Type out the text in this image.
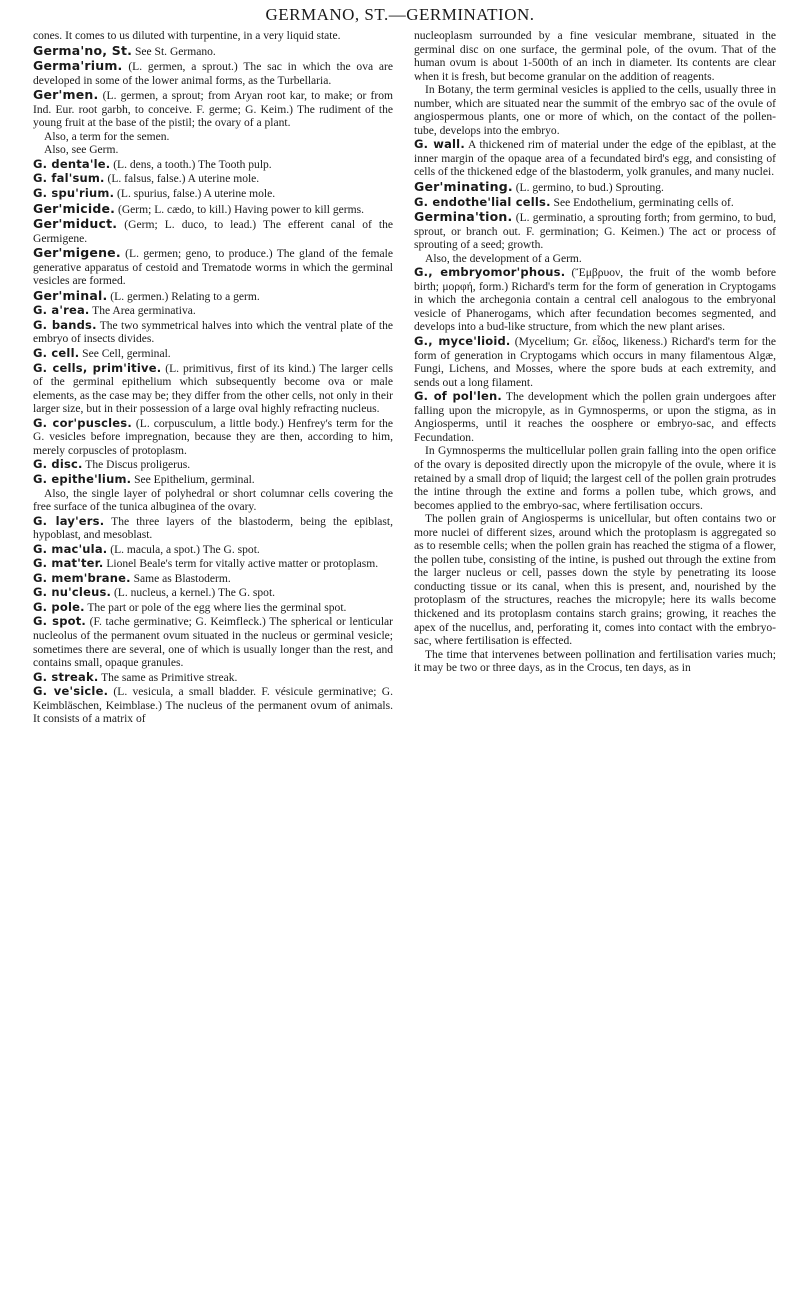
GERMANO, ST.—GERMINATION.

cones. It comes to us diluted with turpentine, in a very liquid state.

Germa'no, St. See St. Germano.

Germa'rium. (L. germen, a sprout.) The sac in which the ova are developed in some of the lower animal forms, as the Turbellaria.

Ger'men. (L. germen, a sprout; from Aryan root kar, to make; or from Ind. Eur. root garbh, to conceive. F. germe; G. Keim.) The rudiment of the young fruit at the base of the pistil; the ovary of a plant.

Also, a term for the semen.

Also, see Germ.

G. denta'le. (L. dens, a tooth.) The Tooth pulp.

G. fal'sum. (L. falsus, false.) A uterine mole.

G. spu'rium. (L. spurius, false.) A uterine mole.

Ger'micide. (Germ; L. cædo, to kill.) Having power to kill germs.

Ger'miduct. (Germ; L. duco, to lead.) The efferent canal of the Germigene.

Ger'migene. (L. germen; geno, to produce.) The gland of the female generative apparatus of cestoid and Trematode worms in which the germinal vesicles are formed.

Ger'minal. (L. germen.) Relating to a germ.

G. a'rea. The Area germinativa.

G. bands. The two symmetrical halves into which the ventral plate of the embryo of insects divides.

G. cell. See Cell, germinal.

G. cells, prim'itive. (L. primitivus, first of its kind.) The larger cells of the germinal epithelium which subsequently become ova or male elements, as the case may be; they differ from the other cells, not only in their larger size, but in their possession of a large oval highly refracting nucleus.

G. cor'puscles. (L. corpusculum, a little body.) Henfrey's term for the G. vesicles before impregnation, because they are then, according to him, merely corpuscles of protoplasm.

G. disc. The Discus proligerus.

G. epithe'lium. See Epithelium, germinal.

Also, the single layer of polyhedral or short columnar cells covering the free surface of the tunica albuginea of the ovary.

G. lay'ers. The three layers of the blastoderm, being the epiblast, hypoblast, and mesoblast.

G. mac'ula. (L. macula, a spot.) The G. spot.

G. mat'ter. Lionel Beale's term for vitally active matter or protoplasm.

G. mem'brane. Same as Blastoderm.

G. nu'cleus. (L. nucleus, a kernel.) The G. spot.

G. pole. The part or pole of the egg where lies the germinal spot.

G. spot. (F. tache germinative; G. Keimfleck.) The spherical or lenticular nucleolus of the permanent ovum situated in the nucleus or germinal vesicle; sometimes there are several, one of which is usually longer than the rest, and contains small, opaque granules.

G. streak. The same as Primitive streak.

G. ve'sicle. (L. vesicula, a small bladder. F. vésicule germinative; G. Keimbläschen, Keimblase.) The nucleus of the permanent ovum of animals. It consists of a matrix of

nucleoplasm surrounded by a fine vesicular membrane, situated in the germinal disc on one surface, the germinal pole, of the ovum. That of the human ovum is about 1-500th of an inch in diameter. Its contents are clear when it is fresh, but become granular on the addition of reagents.

In Botany, the term germinal vesicles is applied to the cells, usually three in number, which are situated near the summit of the embryo sac of the ovule of angiospermous plants, one or more of which, on the contact of the pollen-tube, develops into the embryo.

G. wall. A thickened rim of material under the edge of the epiblast, at the inner margin of the opaque area of a fecundated bird's egg, and consisting of cells of the thickened edge of the blastoderm, yolk granules, and many nuclei.

Ger'minating. (L. germino, to bud.) Sprouting.

G. endothe'lial cells. See Endothelium, germinating cells of.

Germina'tion. (L. germinatio, a sprouting forth; from germino, to bud, sprout, or branch out. F. germination; G. Keimen.) The act or process of sprouting of a seed; growth.

Also, the development of a Germ.

G., embryomor'phous. (Ἔμβρυον, the fruit of the womb before birth; μορφή, form.) Richard's term for the form of generation in Cryptogams in which the archegonia contain a central cell analogous to the embryonal vesicle of Phanerogams, which after fecundation becomes segmented, and develops into a bud-like structure, from which the new plant arises.

G., myce'lioid. (Mycelium; Gr. εἶδος, likeness.) Richard's term for the form of generation in Cryptogams which occurs in many filamentous Algæ, Fungi, Lichens, and Mosses, where the spore buds at each extremity, and sends out a long filament.

G. of pol'len. The development which the pollen grain undergoes after falling upon the micropyle, as in Gymnosperms, or upon the stigma, as in Angiosperms, until it reaches the oosphere or embryo-sac, and effects Fecundation.

In Gymnosperms the multicellular pollen grain falling into the open orifice of the ovary is deposited directly upon the micropyle of the ovule, where it is retained by a small drop of liquid; the largest cell of the pollen grain protrudes the intine through the extine and forms a pollen tube, which grows, and becomes applied to the embryo-sac, where fertilisation occurs.

The pollen grain of Angiosperms is unicellular, but often contains two or more nuclei of different sizes, around which the protoplasm is aggregated so as to resemble cells; when the pollen grain has reached the stigma of a flower, the pollen tube, consisting of the intine, is pushed out through the extine from the larger nucleus or cell, passes down the style by penetrating its loose conducting tissue or its canal, when this is present, and, nourished by the protoplasm of the structures, reaches the micropyle; here its walls become thickened and its protoplasm contains starch grains; growing, it reaches the apex of the nucellus, and, perforating it, comes into contact with the embryo-sac, where fertilisation is effected.

The time that intervenes between pollination and fertilisation varies much; it may be two or three days, as in the Crocus, ten days, as in
